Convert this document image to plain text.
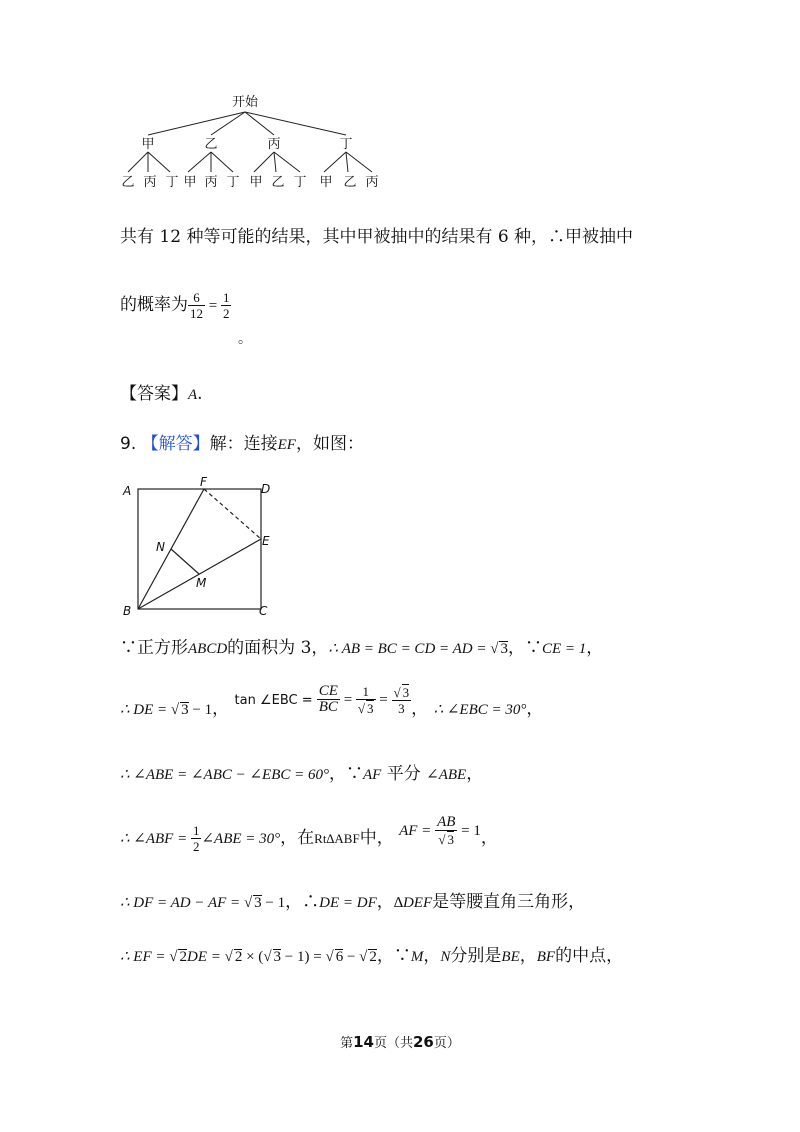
开始
甲	乙	丙	丁
乙 丙 丁 甲 丙 丁 甲 乙 丁 甲 乙 丙
共有 12 种等可能的结果，其中甲被抽中的结果有 6 种，∴甲被抽中
的概率为 $\frac{6}{12} = \frac{1}{2}$
。
【答案】A.
9. 【解答】解：连接EF，如图：
A	D
B	C
F
E
N
M
∵正方形ABCD的面积为 3，∴ AB = BC = CD = AD = √ 3，∵CE = 1，
∴ DE = √ 3 − 1， $^{tan \angle EBC =} \frac{CE}{BC} = \frac{1}{√ 3} = \frac{√ 3}{3}$ ， ∴ ∠EBC = 30°，
∴ ∠ABE = ∠ABC − ∠EBC = 60°，∵AF 平分 ∠ABE，
∴ ∠ABF = $\frac{1}{2}$ ∠ABE = 30°，在Rt∆ABF中， AF = $\frac{AB}{√ 3} = 1$，
∴ DF = AD − AF = √ 3 − 1，∴DE = DF，∆DEF是等腰直角三角形，
∴ EF = √ 2DE = √ 2 × (√ 3 − 1) = √ 6 − √ 2，∵M，N分别是BE，BF的中点，
第14页（共26页）
